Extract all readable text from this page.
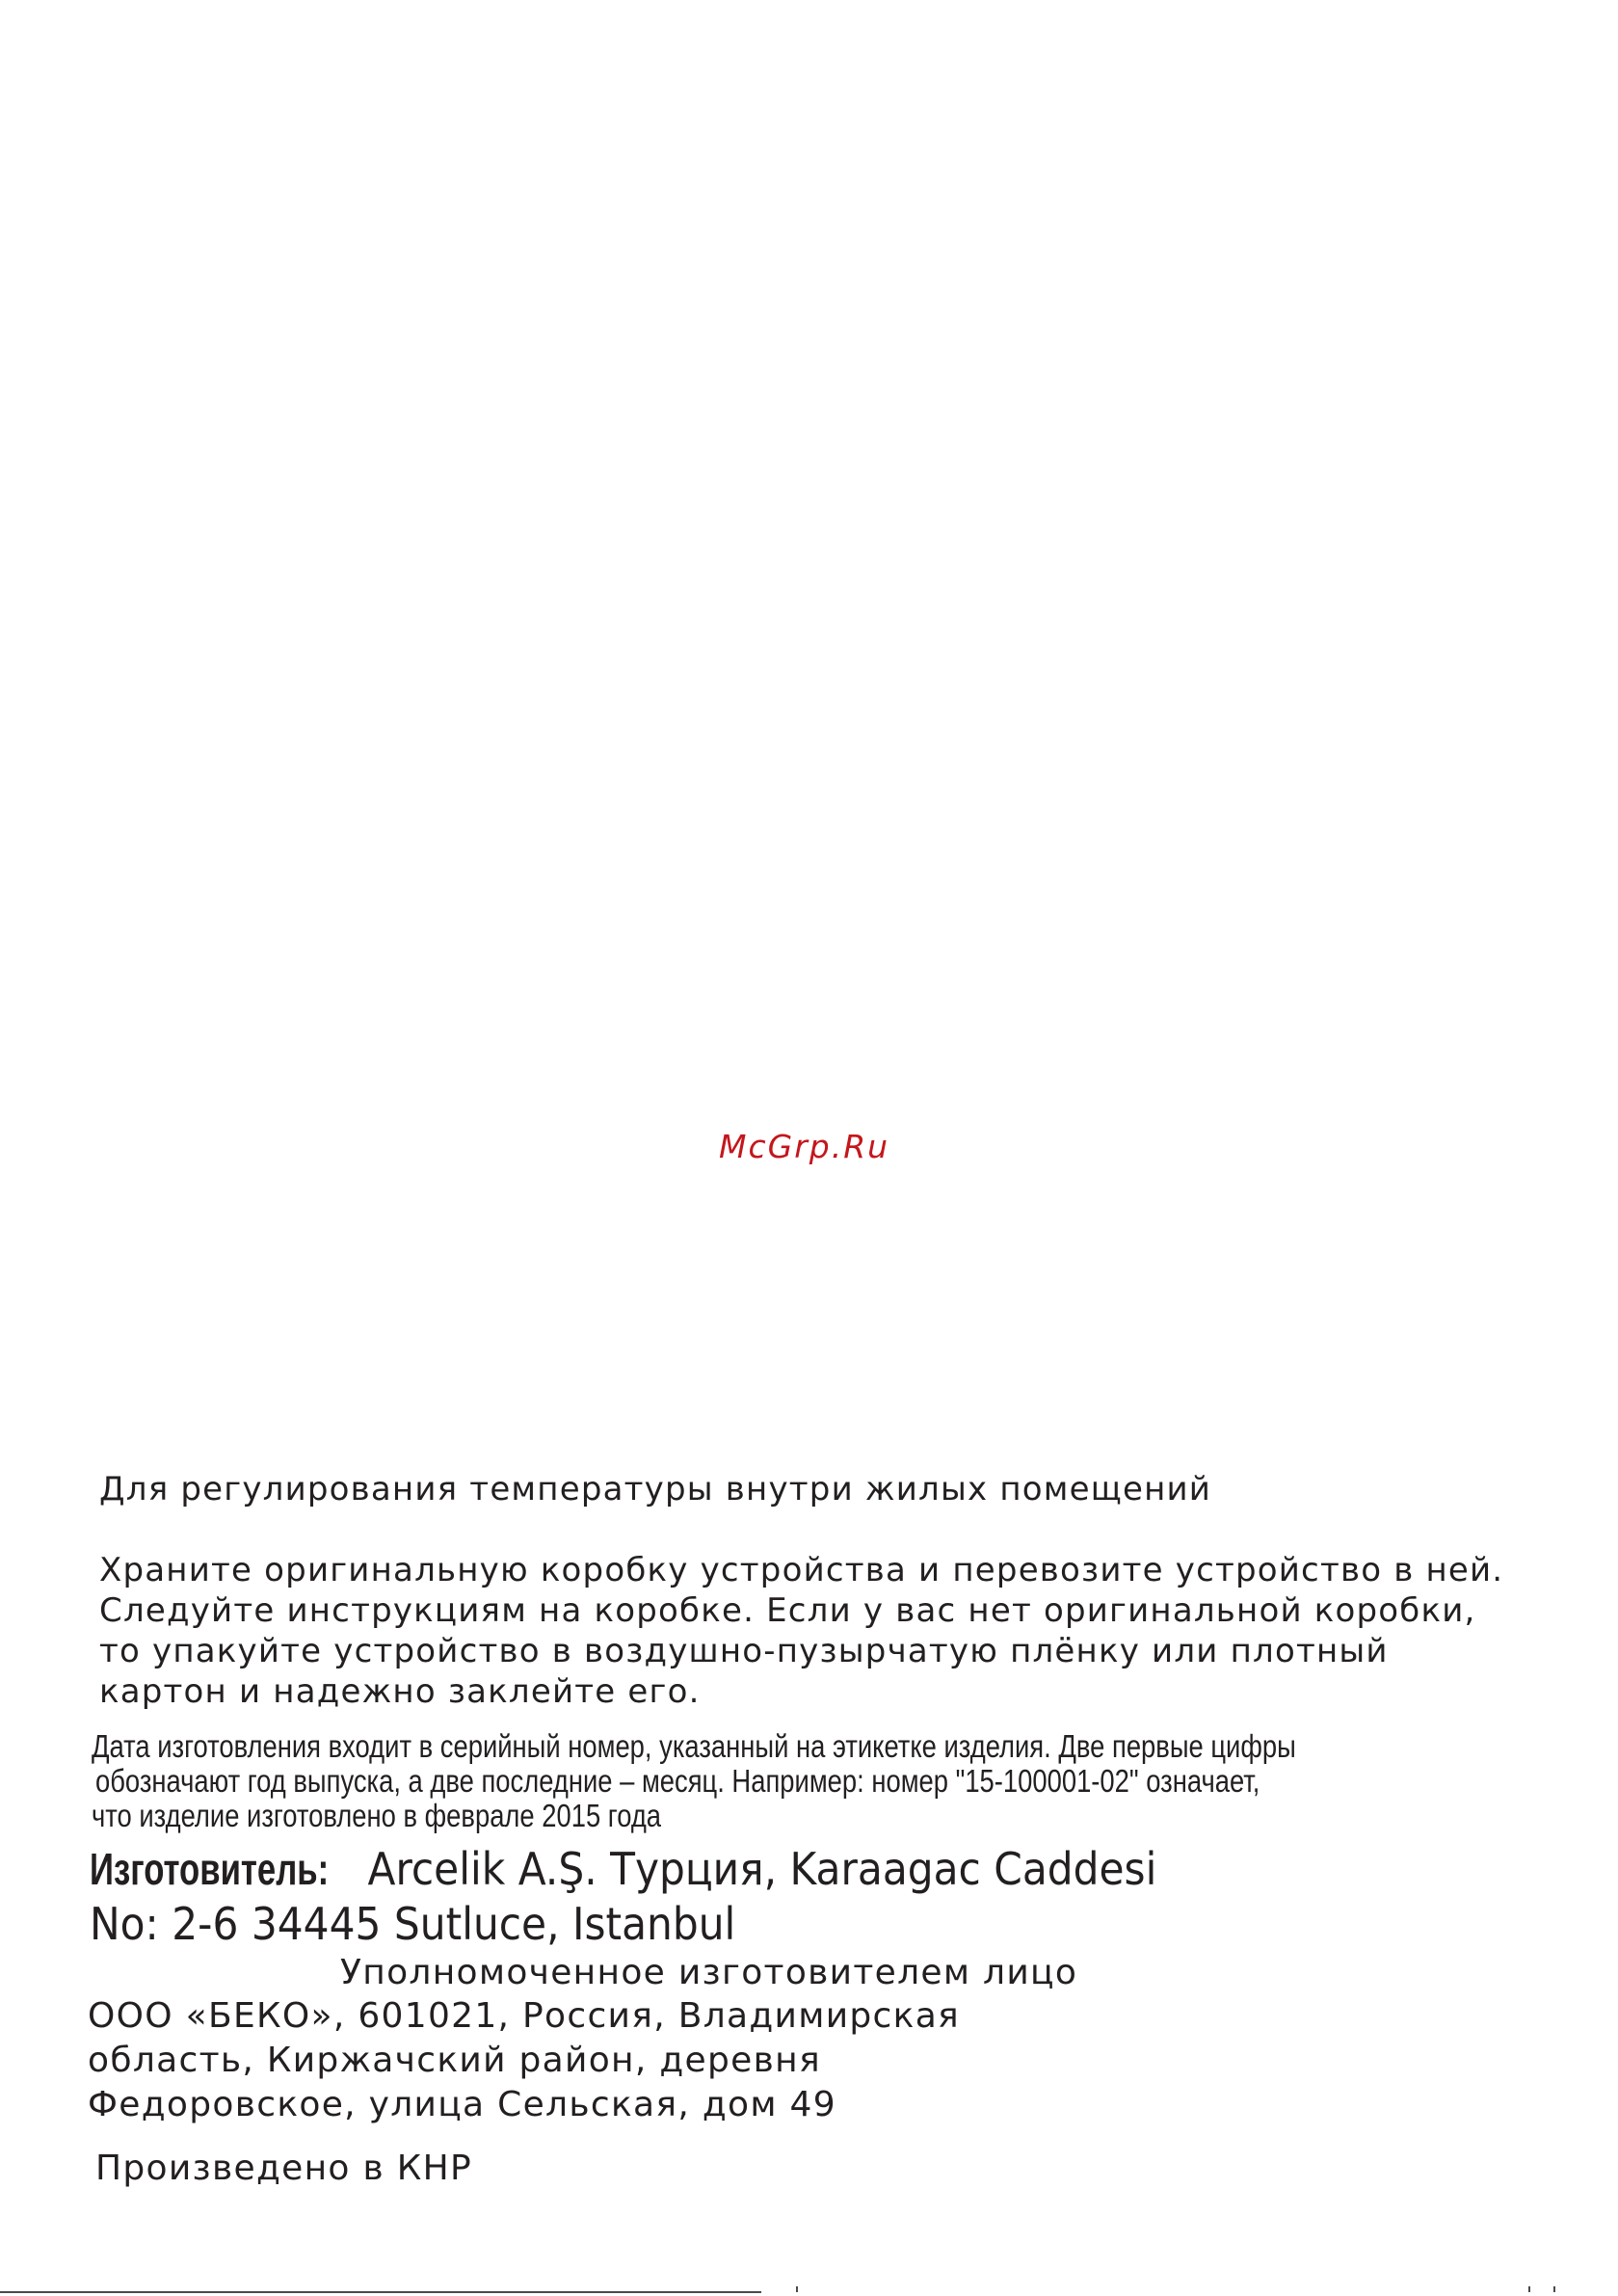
McGrp.Ru
Для регулирования температуры внутри жилых помещений
Храните оригинальную коробку устройства и перевозите устройство в ней.
Следуйте инструкциям на коробке. Если у вас нет оригинальной коробки,
то упакуйте устройство в воздушно-пузырчатую плёнку или плотный
картон и надежно заклейте его.
Дата изготовления входит в серийный номер, указанный на этикетке изделия. Две первые цифры
обозначают год выпуска, а две последние – месяц. Например: номер "15-100001-02" означает,
что изделие изготовлено в феврале 2015 года
Изготовитель: Arcelik A.Ş. Турция, Karaagac Caddesi
No: 2-6 34445 Sutluce, Istanbul
Уполномоченное изготовителем лицо
ООО «БЕКО», 601021, Россия, Владимирская
область, Киржачский район, деревня
Федоровское, улица Сельская, дом 49
Произведено в КНР
